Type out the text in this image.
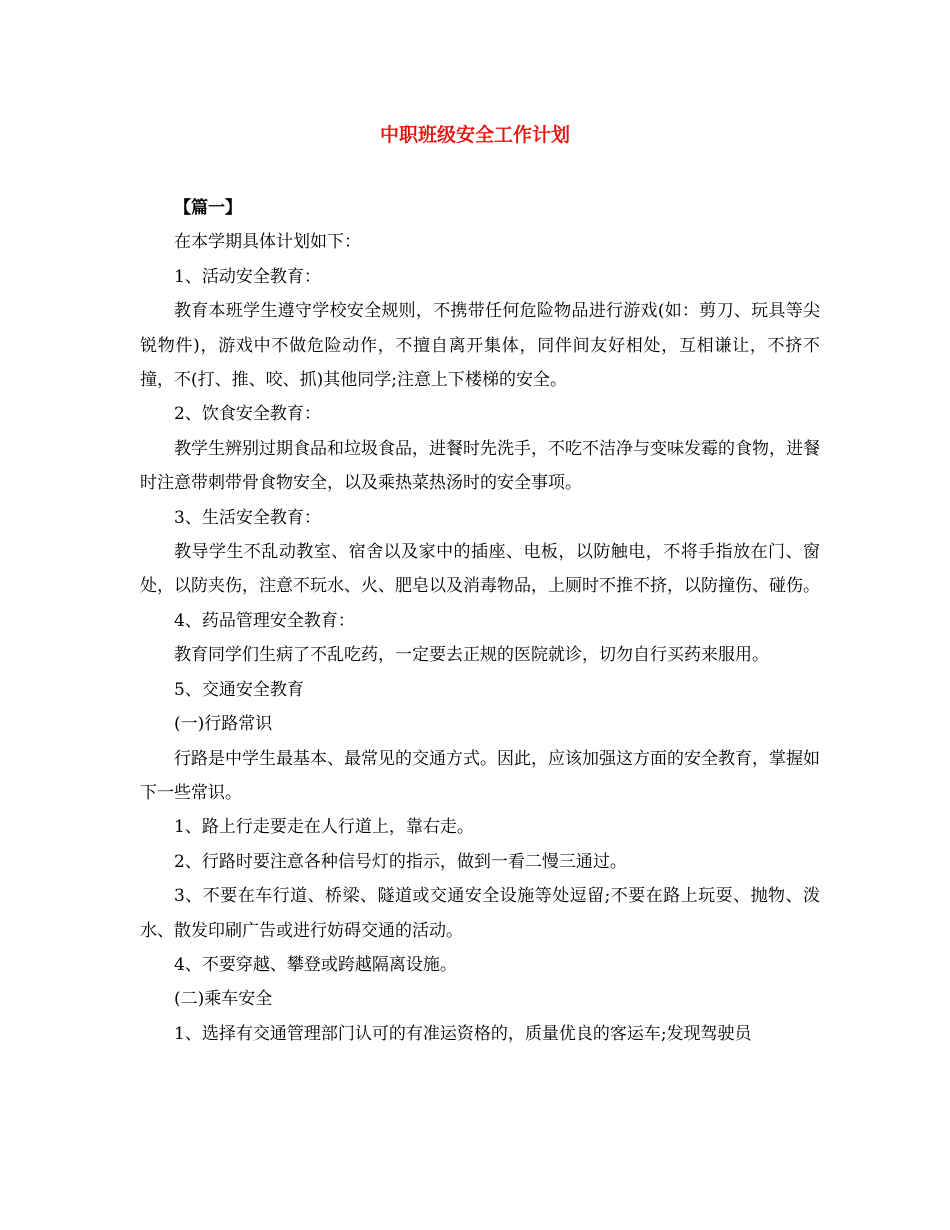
中职班级安全工作计划

【篇一】

在本学期具体计划如下：

1、活动安全教育：

教育本班学生遵守学校安全规则，不携带任何危险物品进行游戏(如：剪刀、玩具等尖锐物件)，游戏中不做危险动作，不擅自离开集体，同伴间友好相处，互相谦让，不挤不撞，不(打、推、咬、抓)其他同学;注意上下楼梯的安全。

2、饮食安全教育：

教学生辨别过期食品和垃圾食品，进餐时先洗手，不吃不洁净与变味发霉的食物，进餐时注意带刺带骨食物安全，以及乘热菜热汤时的安全事项。

3、生活安全教育：

教导学生不乱动教室、宿舍以及家中的插座、电板，以防触电，不将手指放在门、窗处，以防夹伤，注意不玩水、火、肥皂以及消毒物品，上厕时不推不挤，以防撞伤、碰伤。

4、药品管理安全教育：

教育同学们生病了不乱吃药，一定要去正规的医院就诊，切勿自行买药来服用。

5、交通安全教育

(一)行路常识

行路是中学生最基本、最常见的交通方式。因此，应该加强这方面的安全教育，掌握如下一些常识。

1、路上行走要走在人行道上，靠右走。

2、行路时要注意各种信号灯的指示，做到一看二慢三通过。

3、不要在车行道、桥梁、隧道或交通安全设施等处逗留;不要在路上玩耍、抛物、泼水、散发印刷广告或进行妨碍交通的活动。

4、不要穿越、攀登或跨越隔离设施。

(二)乘车安全

1、选择有交通管理部门认可的有准运资格的，质量优良的客运车;发现驾驶员
